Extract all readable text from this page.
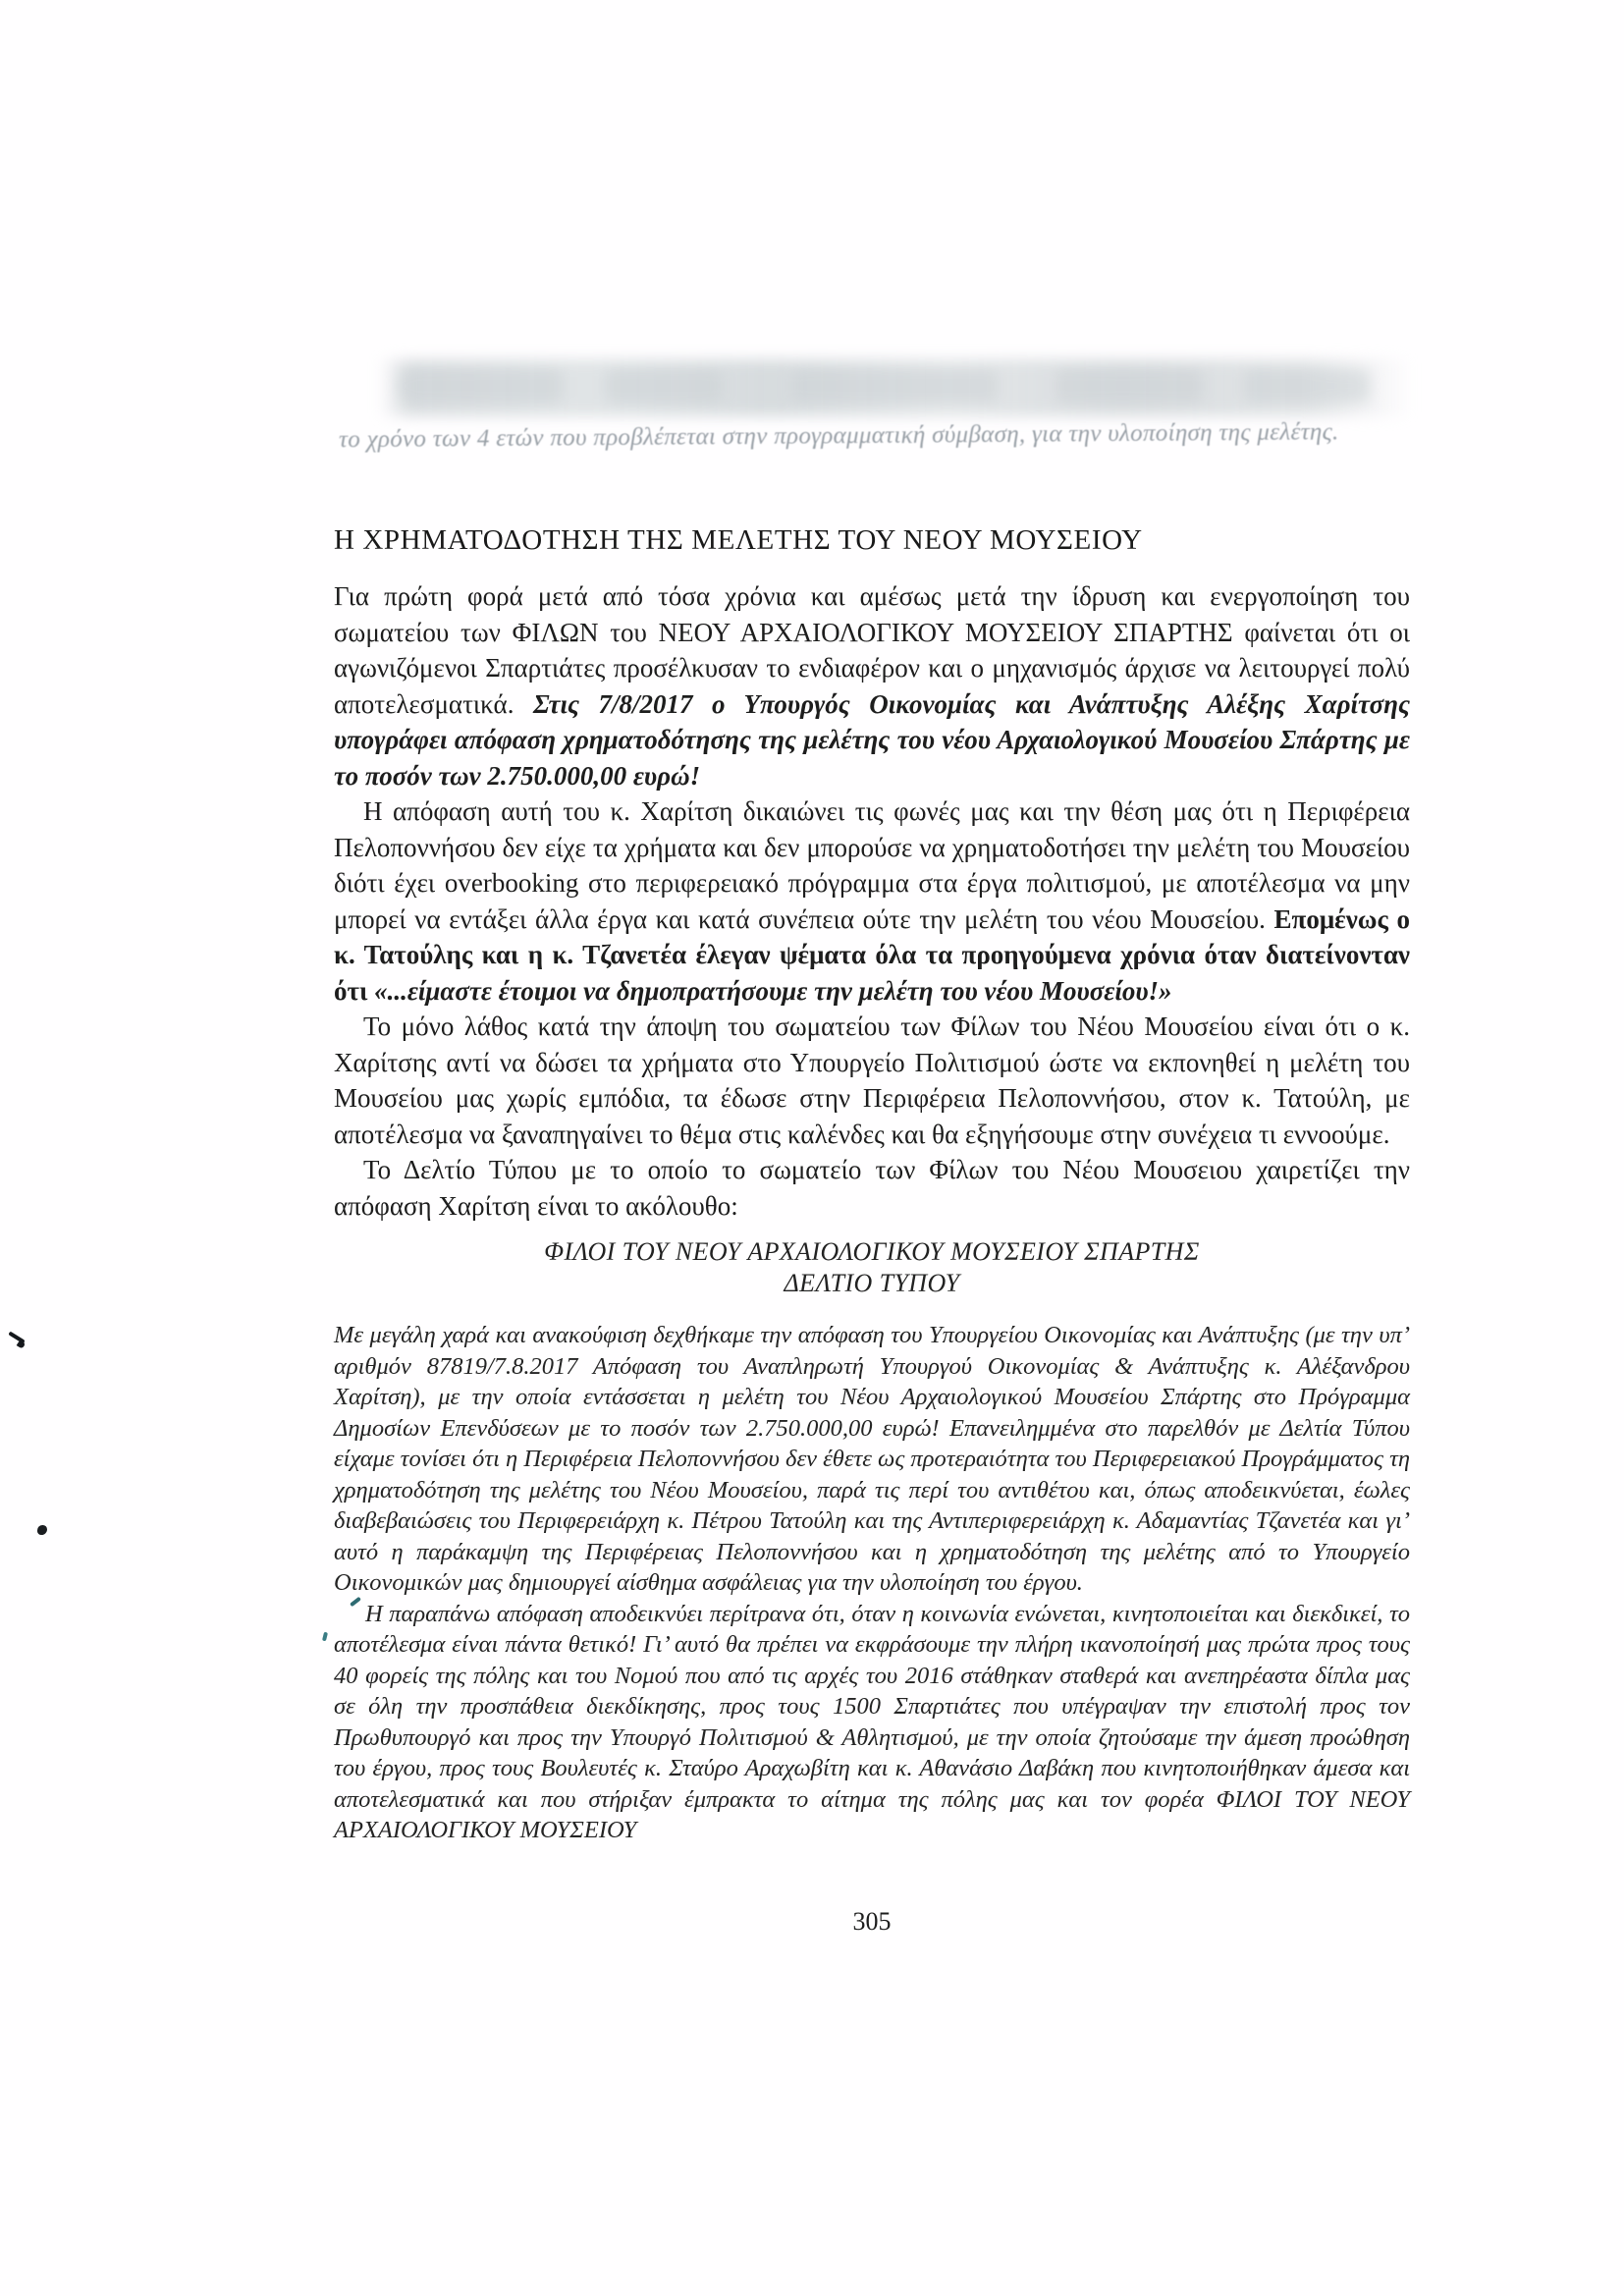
το χρόνο των 4 ετών που προβλέπεται στην προγραμματική σύμβαση, για την υλοποίηση της μελέτης.
Η ΧΡΗΜΑΤΟΔΟΤΗΣΗ ΤΗΣ ΜΕΛΕΤΗΣ ΤΟΥ ΝΕΟΥ ΜΟΥΣΕΙΟΥ

Για πρώτη φορά μετά από τόσα χρόνια και αμέσως μετά την ίδρυση και ενεργοποίηση του σωματείου των ΦΙΛΩΝ του ΝΕΟΥ ΑΡΧΑΙΟΛΟΓΙΚΟΥ ΜΟΥΣΕΙΟΥ ΣΠΑΡΤΗΣ φαίνεται ότι οι αγωνιζόμενοι Σπαρτιάτες προσέλκυσαν το ενδιαφέρον και ο μηχανισμός άρχισε να λειτουργεί πολύ αποτελεσματικά. Στις 7/8/2017 ο Υπουργός Οικονομίας και Ανάπτυξης Αλέξης Χαρίτσης υπογράφει απόφαση χρηματοδότησης της μελέτης του νέου Αρχαιολογικού Μουσείου Σπάρτης με το ποσόν των 2.750.000,00 ευρώ!

Η απόφαση αυτή του κ. Χαρίτση δικαιώνει τις φωνές μας και την θέση μας ότι η Περιφέρεια Πελοποννήσου δεν είχε τα χρήματα και δεν μπορούσε να χρηματοδοτήσει την μελέτη του Μουσείου διότι έχει overbooking στο περιφερειακό πρόγραμμα στα έργα πολιτισμού, με αποτέλεσμα να μην μπορεί να εντάξει άλλα έργα και κατά συνέπεια ούτε την μελέτη του νέου Μουσείου. Επομένως ο κ. Τατούλης και η κ. Τζανετέα έλεγαν ψέματα όλα τα προηγούμενα χρόνια όταν διατείνονταν ότι «...είμαστε έτοιμοι να δημοπρατήσουμε την μελέτη του νέου Μουσείου!»

Το μόνο λάθος κατά την άποψη του σωματείου των Φίλων του Νέου Μουσείου είναι ότι ο κ. Χαρίτσης αντί να δώσει τα χρήματα στο Υπουργείο Πολιτισμού ώστε να εκπονηθεί η μελέτη του Μουσείου μας χωρίς εμπόδια, τα έδωσε στην Περιφέρεια Πελοποννήσου, στον κ. Τατούλη, με αποτέλεσμα να ξαναπηγαίνει το θέμα στις καλένδες και θα εξηγήσουμε στην συνέχεια τι εννοούμε.

Το Δελτίο Τύπου με το οποίο το σωματείο των Φίλων του Νέου Μουσειου χαιρετίζει την απόφαση Χαρίτση είναι το ακόλουθο:

ΦΙΛΟΙ ΤΟΥ ΝΕΟΥ ΑΡΧΑΙΟΛΟΓΙΚΟΥ ΜΟΥΣΕΙΟΥ ΣΠΑΡΤΗΣ

ΔΕΛΤΙΟ ΤΥΠΟΥ

Με μεγάλη χαρά και ανακούφιση δεχθήκαμε την απόφαση του Υπουργείου Οικονομίας και Ανάπτυξης (με την υπ’ αριθμόν 87819/7.8.2017 Απόφαση του Αναπληρωτή Υπουργού Οικονομίας & Ανάπτυξης κ. Αλέξανδρου Χαρίτση), με την οποία εντάσσεται η μελέτη του Νέου Αρχαιολογικού Μουσείου Σπάρτης στο Πρόγραμμα Δημοσίων Επενδύσεων με το ποσόν των 2.750.000,00 ευρώ! Επανειλημμένα στο παρελθόν με Δελτία Τύπου είχαμε τονίσει ότι η Περιφέρεια Πελοποννήσου δεν έθετε ως προτεραιότητα του Περιφερειακού Προγράμματος τη χρηματοδότηση της μελέτης του Νέου Μουσείου, παρά τις περί του αντιθέτου και, όπως αποδεικνύεται, έωλες διαβεβαιώσεις του Περιφερειάρχη κ. Πέτρου Τατούλη και της Αντιπεριφερειάρχη κ. Αδαμαντίας Τζανετέα και γι’ αυτό η παράκαμψη της Περιφέρειας Πελοποννήσου και η χρηματοδότηση της μελέτης από το Υπουργείο Οικονομικών μας δημιουργεί αίσθημα ασφάλειας για την υλοποίηση του έργου.

Η παραπάνω απόφαση αποδεικνύει περίτρανα ότι, όταν η κοινωνία ενώνεται, κινητοποιείται και διεκδικεί, το αποτέλεσμα είναι πάντα θετικό! Γι’ αυτό θα πρέπει να εκφράσουμε την πλήρη ικανοποίησή μας πρώτα προς τους 40 φορείς της πόλης και του Νομού που από τις αρχές του 2016 στάθηκαν σταθερά και ανεπηρέαστα δίπλα μας σε όλη την προσπάθεια διεκδίκησης, προς τους 1500 Σπαρτιάτες που υπέγραψαν την επιστολή προς τον Πρωθυπουργό και προς την Υπουργό Πολιτισμού & Αθλητισμού, με την οποία ζητούσαμε την άμεση προώθηση του έργου, προς τους Βουλευτές κ. Σταύρο Αραχωβίτη και κ. Αθανάσιο Δαβάκη που κινητοποιήθηκαν άμεσα και αποτελεσματικά και που στήριξαν έμπρακτα το αίτημα της πόλης μας και τον φορέα ΦΙΛΟΙ ΤΟΥ ΝΕΟΥ ΑΡΧΑΙΟΛΟΓΙΚΟΥ ΜΟΥΣΕΙΟΥ

305
